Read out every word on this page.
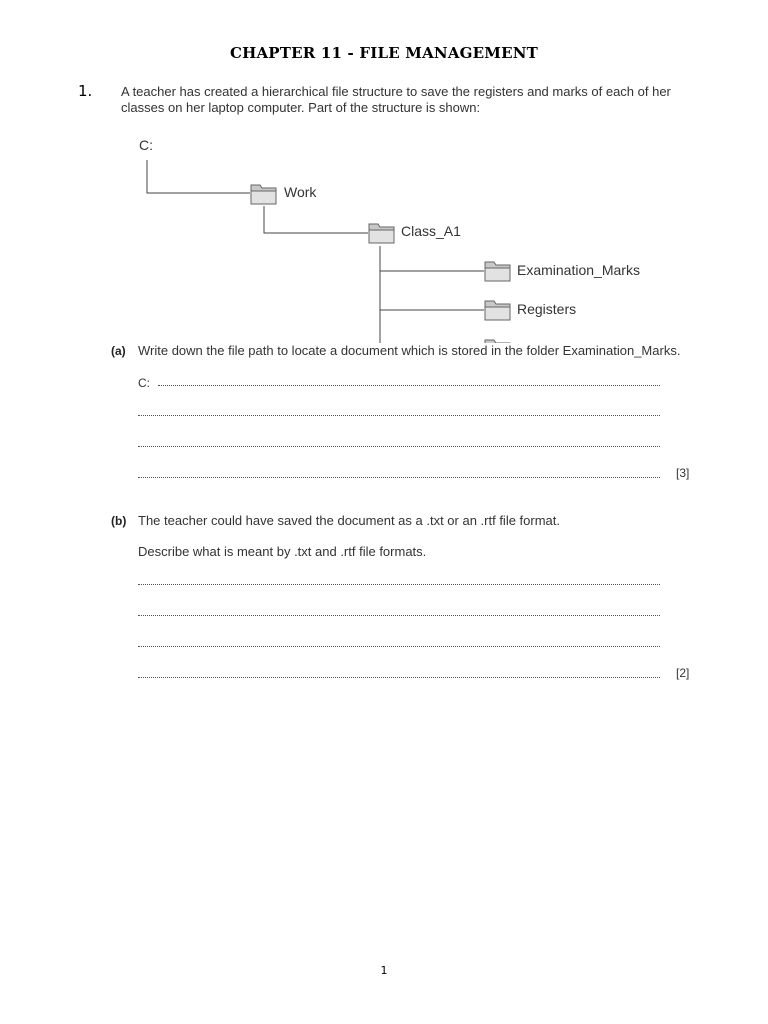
CHAPTER 11 - FILE MANAGEMENT
1. A teacher has created a hierarchical file structure to save the registers and marks of each of her classes on her laptop computer. Part of the structure is shown:
C:
Work
Class_A1
Examination_Marks
Registers
(a) Write down the file path to locate a document which is stored in the folder Examination_Marks.
C:
[3]
(b) The teacher could have saved the document as a .txt or an .rtf file format.
Describe what is meant by .txt and .rtf file formats.
[2]
1
